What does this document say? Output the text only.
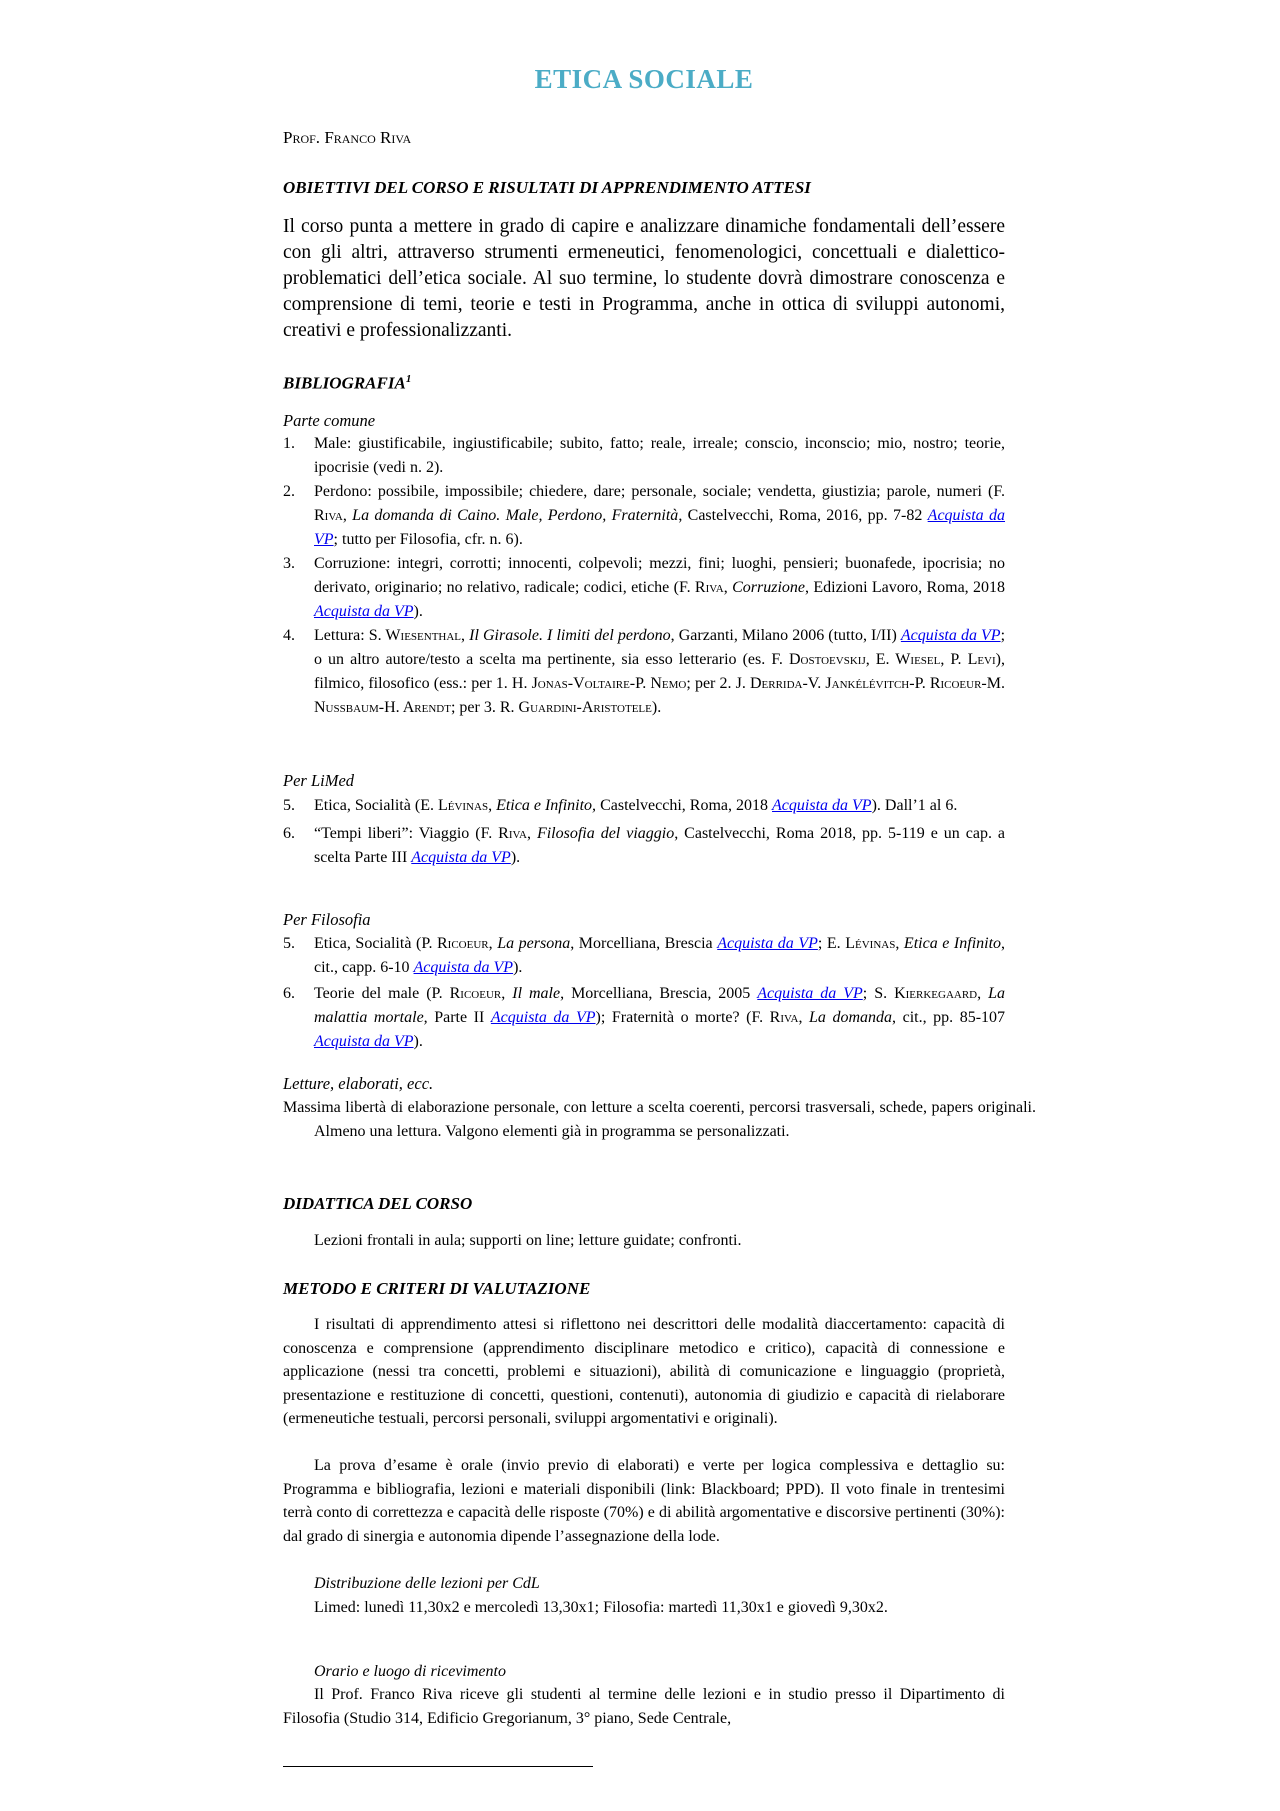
ETICA SOCIALE
Prof. Franco Riva
OBIETTIVI DEL CORSO E RISULTATI DI APPRENDIMENTO ATTESI
Il corso punta a mettere in grado di capire e analizzare dinamiche fondamentali dell’essere con gli altri, attraverso strumenti ermeneutici, fenomenologici, concettuali e dialettico-problematici dell’etica sociale. Al suo termine, lo studente dovrà dimostrare conoscenza e comprensione di temi, teorie e testi in Programma, anche in ottica di sviluppi autonomi, creativi e professionalizzanti.
BIBLIOGRAFIA$^1$
Parte comune
1. Male: giustificabile, ingiustificabile; subito, fatto; reale, irreale; conscio, inconscio; mio, nostro; teorie, ipocrisie (vedi n. 2).
2. Perdono: possibile, impossibile; chiedere, dare; personale, sociale; vendetta, giustizia; parole, numeri (F. Riva, La domanda di Caino. Male, Perdono, Fraternità, Castelvecchi, Roma, 2016, pp. 7-82 Acquista da VP; tutto per Filosofia, cfr. n. 6).
3. Corruzione: integri, corrotti; innocenti, colpevoli; mezzi, fini; luoghi, pensieri; buonafede, ipocrisia; no derivato, originario; no relativo, radicale; codici, etiche (F. Riva, Corruzione, Edizioni Lavoro, Roma, 2018 Acquista da VP).
4. Lettura: S. Wiesenthal, Il Girasole. I limiti del perdono, Garzanti, Milano 2006 (tutto, I/II) Acquista da VP; o un altro autore/testo a scelta ma pertinente, sia esso letterario (es. F. Dostoevskij, E. Wiesel, P. Levi), filmico, filosofico (ess.: per 1. H. Jonas-Voltaire-P. Nemo; per 2. J. Derrida-V. Jankélévitch-P. Ricoeur-M. Nussbaum-H. Arendt; per 3. R. Guardini-Aristotele).
Per LiMed
5. Etica, Socialità (E. Lévinas, Etica e Infinito, Castelvecchi, Roma, 2018 Acquista da VP). Dall’1 al 6.
6. “Tempi liberi”: Viaggio (F. Riva, Filosofia del viaggio, Castelvecchi, Roma 2018, pp. 5-119 e un cap. a scelta Parte III Acquista da VP).
Per Filosofia
5. Etica, Socialità (P. Ricoeur, La persona, Morcelliana, Brescia Acquista da VP; E. Lévinas, Etica e Infinito, cit., capp. 6-10 Acquista da VP).
6. Teorie del male (P. Ricoeur, Il male, Morcelliana, Brescia, 2005 Acquista da VP; S. Kierkegaard, La malattia mortale, Parte II Acquista da VP); Fraternità o morte? (F. Riva, La domanda, cit., pp. 85-107 Acquista da VP).
Letture, elaborati, ecc.
Massima libertà di elaborazione personale, con letture a scelta coerenti, percorsi trasversali, schede, papers originali. Almeno una lettura. Valgono elementi già in programma se personalizzati.
DIDATTICA DEL CORSO
Lezioni frontali in aula; supporti on line; letture guidate; confronti.
METODO E CRITERI DI VALUTAZIONE
I risultati di apprendimento attesi si riflettono nei descrittori delle modalità diaccertamento: capacità di conoscenza e comprensione (apprendimento disciplinare metodico e critico), capacità di connessione e applicazione (nessi tra concetti, problemi e situazioni), abilità di comunicazione e linguaggio (proprietà, presentazione e restituzione di concetti, questioni, contenuti), autonomia di giudizio e capacità di rielaborare (ermeneutiche testuali, percorsi personali, sviluppi argomentativi e originali).
La prova d’esame è orale (invio previo di elaborati) e verte per logica complessiva e dettaglio su: Programma e bibliografia, lezioni e materiali disponibili (link: Blackboard; PPD). Il voto finale in trentesimi terrà conto di correttezza e capacità delle risposte (70%) e di abilità argomentative e discorsive pertinenti (30%): dal grado di sinergia e autonomia dipende l’assegnazione della lode.
Distribuzione delle lezioni per CdL
Limed: lunedì 11,30x2 e mercoledì 13,30x1; Filosofia: martedì 11,30x1 e giovedì 9,30x2.
Orario e luogo di ricevimento
Il Prof. Franco Riva riceve gli studenti al termine delle lezioni e in studio presso il Dipartimento di Filosofia (Studio 314, Edificio Gregorianum, 3° piano, Sede Centrale,
